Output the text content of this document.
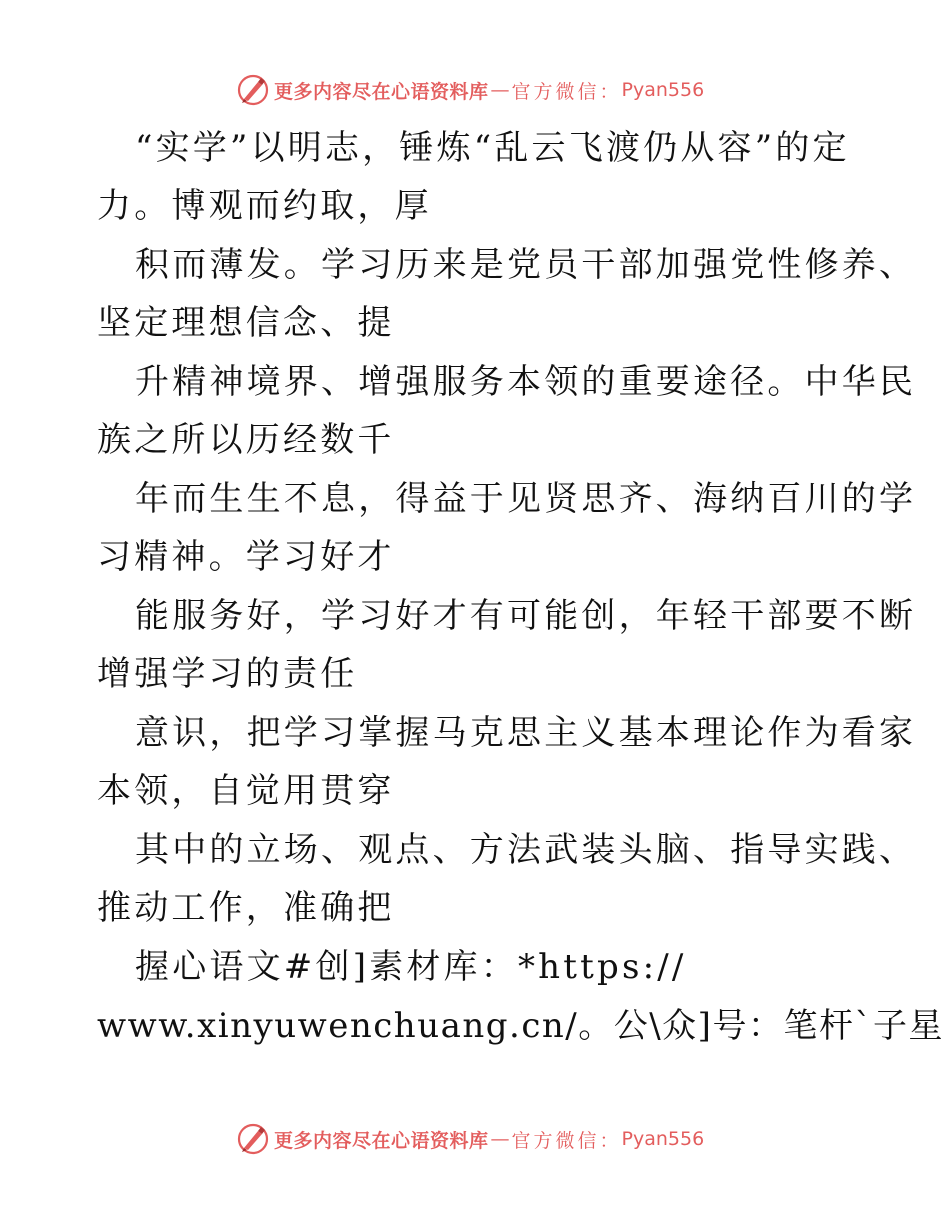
更多内容尽在心语资料库 — 官方微信： Pyan556
“实学”以明志，锤炼“乱云飞渡仍从容”的定
力。博观而约取，厚
积而薄发。学习历来是党员干部加强党性修养、
坚定理想信念、提
升精神境界、增强服务本领的重要途径。中华民
族之所以历经数千
年而生生不息，得益于见贤思齐、海纳百川的学
习精神。学习好才
能服务好，学习好才有可能创，年轻干部要不断
增强学习的责任
意识，把学习掌握马克思主义基本理论作为看家
本领，自觉用贯穿
其中的立场、观点、方法武装头脑、指导实践、
推动工作，准确把
握心语文#创]素材库：*https://
www.xinyuwenchuang.cn/。公\众]号：笔杆`子星
更多内容尽在心语资料库 — 官方微信： Pyan556
